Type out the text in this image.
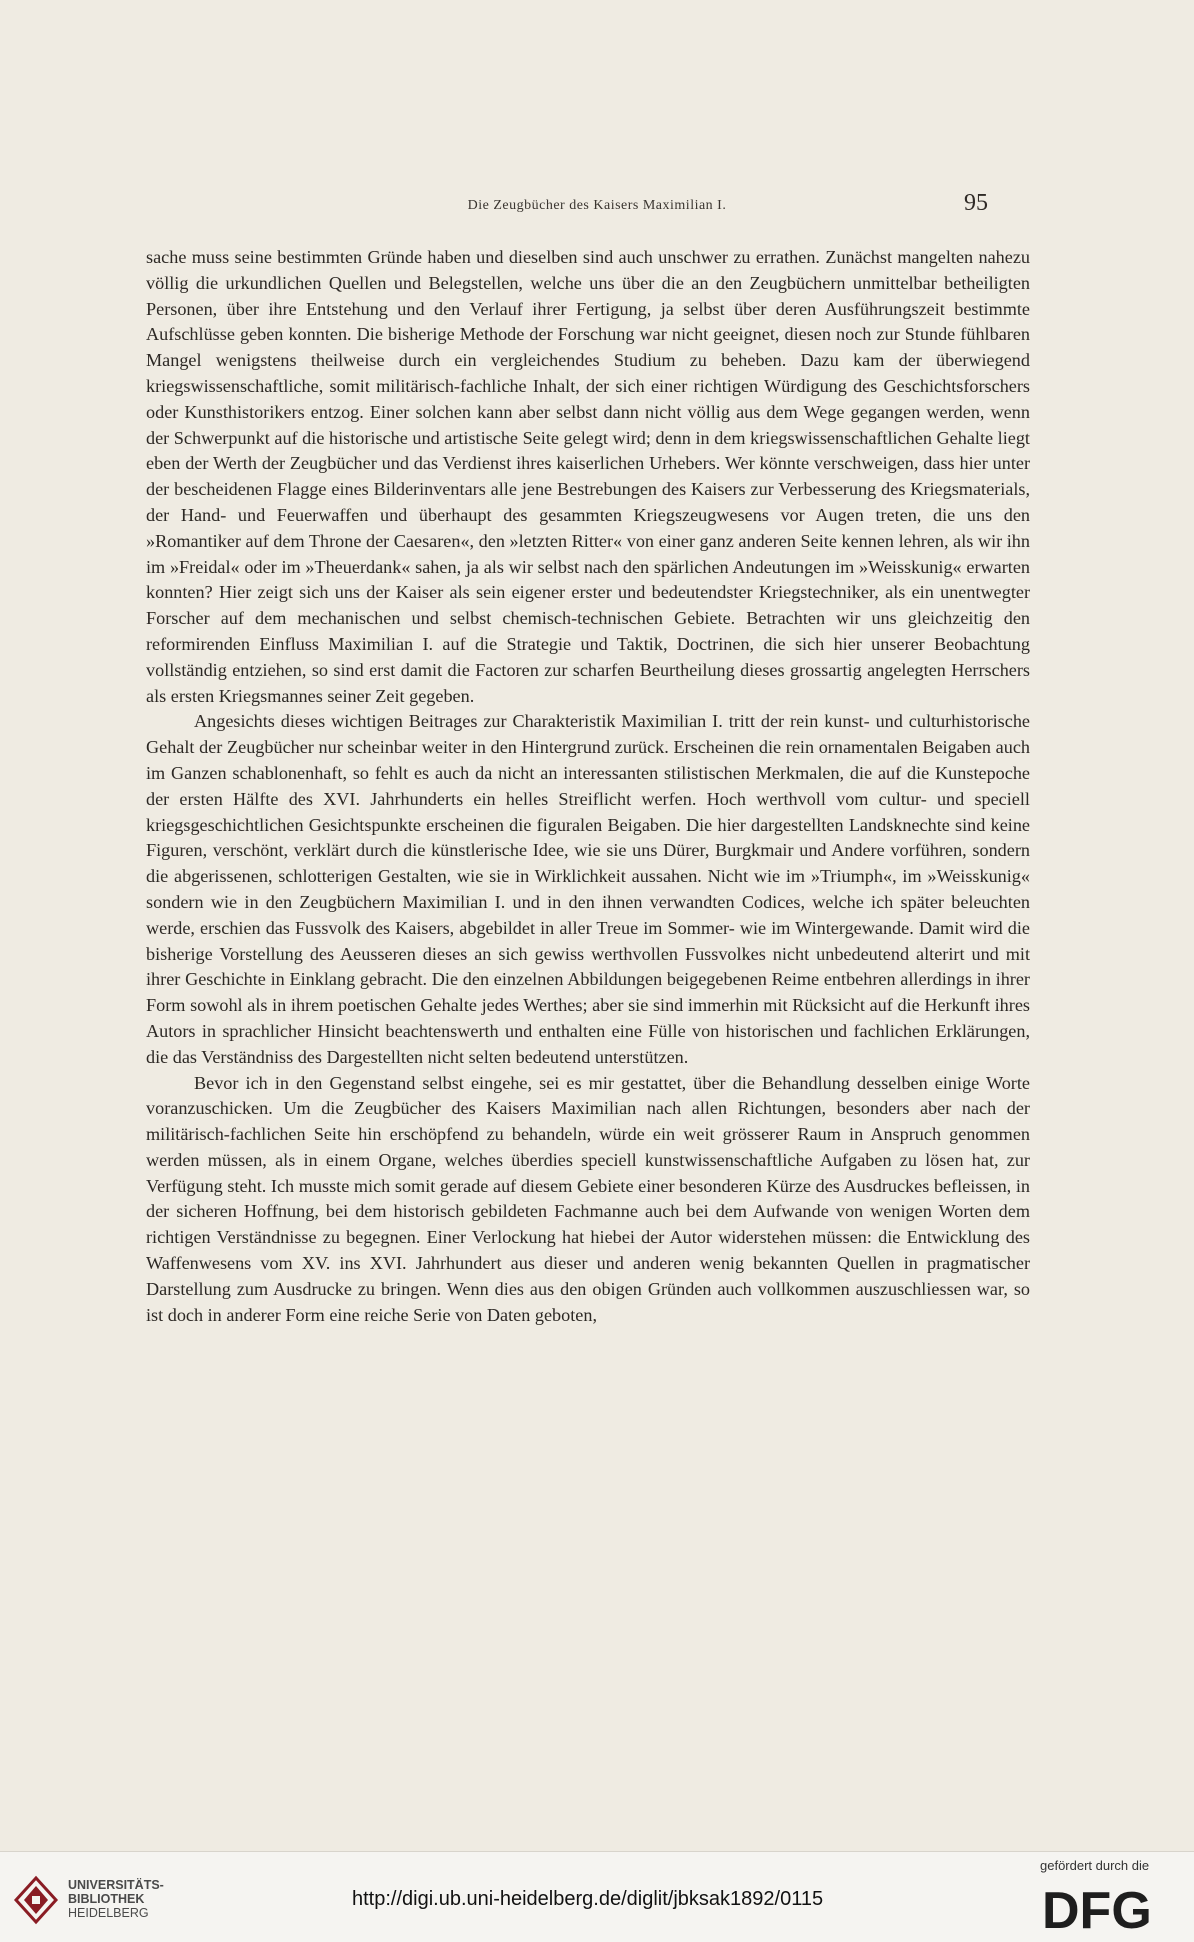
Die Zeugbücher des Kaisers Maximilian I.	95

sache muss seine bestimmten Gründe haben und dieselben sind auch unschwer zu errathen. Zunächst mangelten nahezu völlig die urkundlichen Quellen und Belegstellen, welche uns über die an den Zeugbüchern unmittelbar betheiligten Personen, über ihre Entstehung und den Verlauf ihrer Fertigung, ja selbst über deren Ausführungszeit bestimmte Aufschlüsse geben konnten. Die bisherige Methode der Forschung war nicht geeignet, diesen noch zur Stunde fühlbaren Mangel wenigstens theilweise durch ein vergleichendes Studium zu beheben. Dazu kam der überwiegend kriegswissenschaftliche, somit militärisch-fachliche Inhalt, der sich einer richtigen Würdigung des Geschichtsforschers oder Kunsthistorikers entzog. Einer solchen kann aber selbst dann nicht völlig aus dem Wege gegangen werden, wenn der Schwerpunkt auf die historische und artistische Seite gelegt wird; denn in dem kriegswissenschaftlichen Gehalte liegt eben der Werth der Zeugbücher und das Verdienst ihres kaiserlichen Urhebers. Wer könnte verschweigen, dass hier unter der bescheidenen Flagge eines Bilderinventars alle jene Bestrebungen des Kaisers zur Verbesserung des Kriegsmaterials, der Hand- und Feuerwaffen und überhaupt des gesammten Kriegszeugwesens vor Augen treten, die uns den »Romantiker auf dem Throne der Caesaren«, den »letzten Ritter« von einer ganz anderen Seite kennen lehren, als wir ihn im »Freidal« oder im »Theuerdank« sahen, ja als wir selbst nach den spärlichen Andeutungen im »Weisskunig« erwarten konnten? Hier zeigt sich uns der Kaiser als sein eigener erster und bedeutendster Kriegstechniker, als ein unentwegter Forscher auf dem mechanischen und selbst chemisch-technischen Gebiete. Betrachten wir uns gleichzeitig den reformirenden Einfluss Maximilian I. auf die Strategie und Taktik, Doctrinen, die sich hier unserer Beobachtung vollständig entziehen, so sind erst damit die Factoren zur scharfen Beurtheilung dieses grossartig angelegten Herrschers als ersten Kriegsmannes seiner Zeit gegeben.

Angesichts dieses wichtigen Beitrages zur Charakteristik Maximilian I. tritt der rein kunst- und culturhistorische Gehalt der Zeugbücher nur scheinbar weiter in den Hintergrund zurück. Erscheinen die rein ornamentalen Beigaben auch im Ganzen schablonenhaft, so fehlt es auch da nicht an interessanten stilistischen Merkmalen, die auf die Kunstepoche der ersten Hälfte des XVI. Jahrhunderts ein helles Streiflicht werfen. Hoch werthvoll vom cultur- und speciell kriegsgeschichtlichen Gesichtspunkte erscheinen die figuralen Beigaben. Die hier dargestellten Landsknechte sind keine Figuren, verschönt, verklärt durch die künstlerische Idee, wie sie uns Dürer, Burgkmair und Andere vorführen, sondern die abgerissenen, schlotterigen Gestalten, wie sie in Wirklichkeit aussahen. Nicht wie im »Triumph«, im »Weisskunig« sondern wie in den Zeugbüchern Maximilian I. und in den ihnen verwandten Codices, welche ich später beleuchten werde, erschien das Fussvolk des Kaisers, abgebildet in aller Treue im Sommer- wie im Wintergewande. Damit wird die bisherige Vorstellung des Aeusseren dieses an sich gewiss werthvollen Fussvolkes nicht unbedeutend alterirt und mit ihrer Geschichte in Einklang gebracht. Die den einzelnen Abbildungen beigegebenen Reime entbehren allerdings in ihrer Form sowohl als in ihrem poetischen Gehalte jedes Werthes; aber sie sind immerhin mit Rücksicht auf die Herkunft ihres Autors in sprachlicher Hinsicht beachtenswerth und enthalten eine Fülle von historischen und fachlichen Erklärungen, die das Verständniss des Dargestellten nicht selten bedeutend unterstützen.

Bevor ich in den Gegenstand selbst eingehe, sei es mir gestattet, über die Behandlung desselben einige Worte voranzuschicken. Um die Zeugbücher des Kaisers Maximilian nach allen Richtungen, besonders aber nach der militärisch-fachlichen Seite hin erschöpfend zu behandeln, würde ein weit grösserer Raum in Anspruch genommen werden müssen, als in einem Organe, welches überdies speciell kunstwissenschaftliche Aufgaben zu lösen hat, zur Verfügung steht. Ich musste mich somit gerade auf diesem Gebiete einer besonderen Kürze des Ausdruckes befleissen, in der sicheren Hoffnung, bei dem historisch gebildeten Fachmanne auch bei dem Aufwande von wenigen Worten dem richtigen Verständnisse zu begegnen. Einer Verlockung hat hiebei der Autor widerstehen müssen: die Entwicklung des Waffenwesens vom XV. ins XVI. Jahrhundert aus dieser und anderen wenig bekannten Quellen in pragmatischer Darstellung zum Ausdrucke zu bringen. Wenn dies aus den obigen Gründen auch vollkommen auszuschliessen war, so ist doch in anderer Form eine reiche Serie von Daten geboten,

UNIVERSITÄTS-
BIBLIOTHEK
HEIDELBERG
http://digi.ub.uni-heidelberg.de/diglit/jbksak1892/0115
gefördert durch die
DFG
